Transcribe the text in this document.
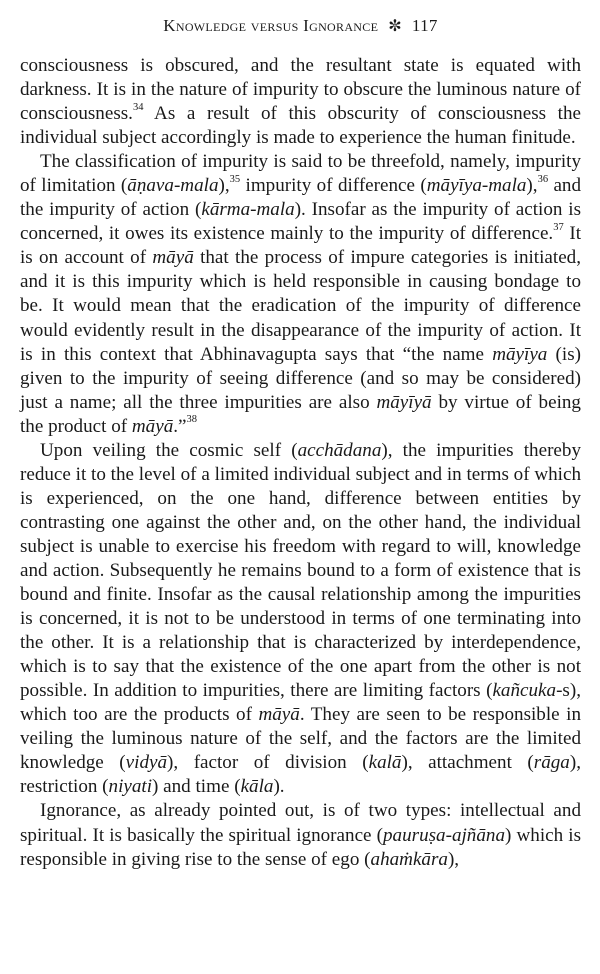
Knowledge versus Ignorance ✼ 117

consciousness is obscured, and the resultant state is equated with darkness. It is in the nature of impurity to obscure the luminous nature of consciousness.$^{34}$ As a result of this obscurity of consciousness the individual subject accordingly is made to experience the human finitude.

The classification of impurity is said to be threefold, namely, impurity of limitation (āṇava-mala),$^{35}$ impurity of difference (māyīya-mala),$^{36}$ and the impurity of action (kārma-mala). Insofar as the impurity of action is concerned, it owes its existence mainly to the impurity of difference.$^{37}$ It is on account of māyā that the process of impure categories is initiated, and it is this impurity which is held responsible in causing bondage to be. It would mean that the eradication of the impurity of difference would evidently result in the disappearance of the impurity of action. It is in this context that Abhinavagupta says that “the name māyīya (is) given to the impurity of seeing difference (and so may be considered) just a name; all the three impurities are also māyīyā by virtue of being the product of māyā.”$^{38}$

Upon veiling the cosmic self (acchādana), the impurities thereby reduce it to the level of a limited individual subject and in terms of which is experienced, on the one hand, difference between entities by contrasting one against the other and, on the other hand, the individual subject is unable to exercise his freedom with regard to will, knowledge and action. Subsequently he remains bound to a form of existence that is bound and finite. Insofar as the causal relationship among the impurities is concerned, it is not to be understood in terms of one terminating into the other. It is a relationship that is characterized by interdependence, which is to say that the existence of the one apart from the other is not possible. In addition to impurities, there are limiting factors (kañcuka-s), which too are the products of māyā. They are seen to be responsible in veiling the luminous nature of the self, and the factors are the limited knowledge (vidyā), factor of division (kalā), attachment (rāga), restriction (niyati) and time (kāla).

Ignorance, as already pointed out, is of two types: intellectual and spiritual. It is basically the spiritual ignorance (pauruṣa-ajñāna) which is responsible in giving rise to the sense of ego (ahaṁkāra),
